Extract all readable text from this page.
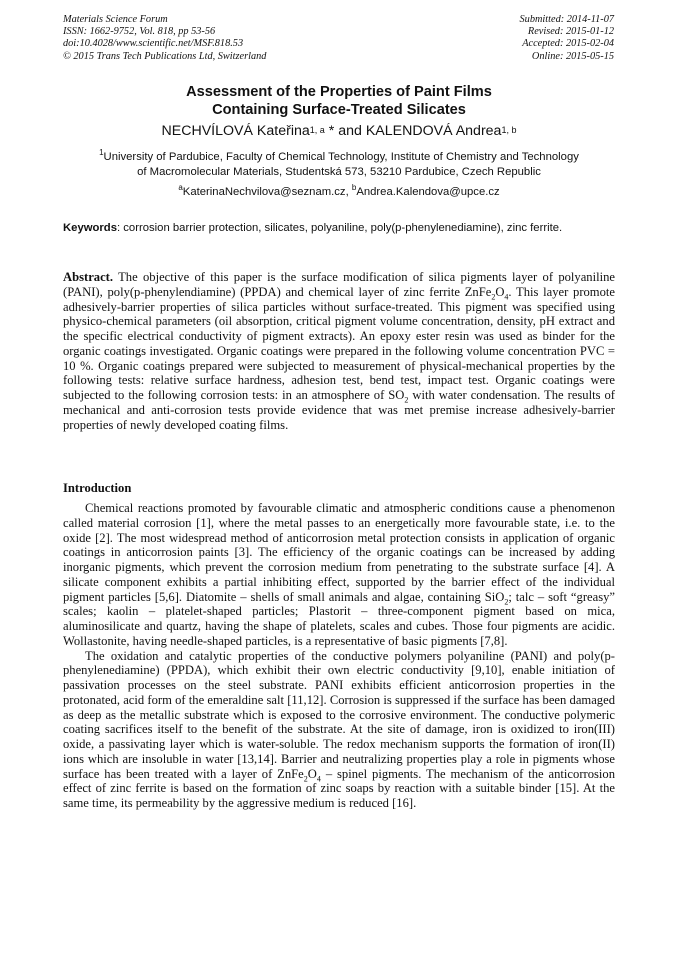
Materials Science Forum
ISSN: 1662-9752, Vol. 818, pp 53-56
doi:10.4028/www.scientific.net/MSF.818.53
© 2015 Trans Tech Publications Ltd, Switzerland
Submitted: 2014-11-07
Revised: 2015-01-12
Accepted: 2015-02-04
Online: 2015-05-15
Assessment of the Properties of Paint Films
Containing Surface-Treated Silicates
NECHVÍLOVÁ Kateřina$^{1, a}$ * and KALENDOVÁ Andrea$^{1, b}$
$^1$University of Pardubice, Faculty of Chemical Technology, Institute of Chemistry and Technology
of Macromolecular Materials, Studentská 573, 53210 Pardubice, Czech Republic
$^a$KaterinaNechvilova@seznam.cz, $^b$Andrea.Kalendova@upce.cz
Keywords: corrosion barrier protection, silicates, polyaniline, poly(p-phenylenediamine), zinc ferrite.
Abstract. The objective of this paper is the surface modification of silica pigments layer of polyaniline (PANI), poly(p-phenylendiamine) (PPDA) and chemical layer of zinc ferrite $ZnFe_2O_4$. This layer promote adhesively-barrier properties of silica particles without surface-treated. This pigment was specified using physico-chemical parameters (oil absorption, critical pigment volume concentration, density, pH extract and the specific electrical conductivity of pigment extracts). An epoxy ester resin was used as binder for the organic coatings investigated. Organic coatings were prepared in the following volume concentration PVC = 10 %. Organic coatings prepared were subjected to measurement of physical-mechanical properties by the following tests: relative surface hardness, adhesion test, bend test, impact test. Organic coatings were subjected to the following corrosion tests: in an atmosphere of $SO_2$ with water condensation. The results of mechanical and anti-corrosion tests provide evidence that was met premise increase adhesively-barrier properties of newly developed coating films.
Introduction

Chemical reactions promoted by favourable climatic and atmospheric conditions cause a phenomenon called material corrosion [1], where the metal passes to an energetically more favourable state, i.e. to the oxide [2]. The most widespread method of anticorrosion metal protection consists in application of organic coatings in anticorrosion paints [3]. The efficiency of the organic coatings can be increased by adding inorganic pigments, which prevent the corrosion medium from penetrating to the substrate surface [4]. A silicate component exhibits a partial inhibiting effect, supported by the barrier effect of the individual pigment particles [5,6]. Diatomite – shells of small animals and algae, containing SiO$_2$; talc – soft “greasy” scales; kaolin – platelet-shaped particles; Plastorit – three-component pigment based on mica, aluminosilicate and quartz, having the shape of platelets, scales and cubes. Those four pigments are acidic. Wollastonite, having needle-shaped particles, is a representative of basic pigments [7,8].

The oxidation and catalytic properties of the conductive polymers polyaniline (PANI) and poly(p-phenylenediamine) (PPDA), which exhibit their own electric conductivity [9,10], enable initiation of passivation processes on the steel substrate. PANI exhibits efficient anticorrosion properties in the protonated, acid form of the emeraldine salt [11,12]. Corrosion is suppressed if the surface has been damaged as deep as the metallic substrate which is exposed to the corrosive environment. The conductive polymeric coating sacrifices itself to the benefit of the substrate. At the site of damage, iron is oxidized to iron(III) oxide, a passivating layer which is water-soluble. The redox mechanism supports the formation of iron(II) ions which are insoluble in water [13,14]. Barrier and neutralizing properties play a role in pigments whose surface has been treated with a layer of $ZnFe_2O_4$ – spinel pigments. The mechanism of the anticorrosion effect of zinc ferrite is based on the formation of zinc soaps by reaction with a suitable binder [15]. At the same time, its permeability by the aggressive medium is reduced [16].
